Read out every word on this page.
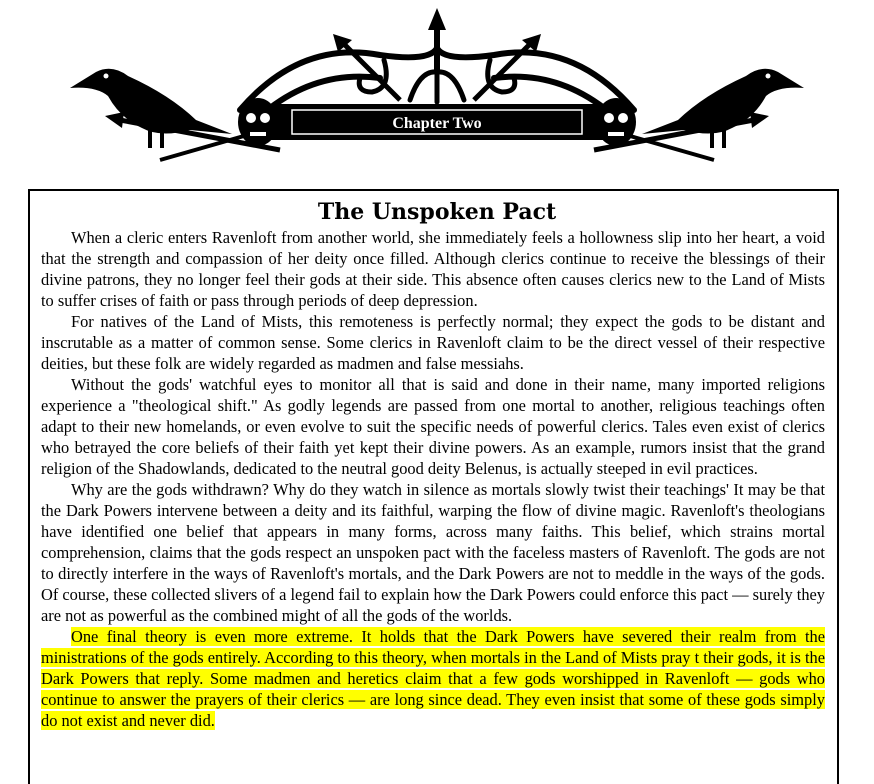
Chapter Two
The Unspoken Pact

When a cleric enters Ravenloft from another world, she immediately feels a hollowness slip into her heart, a void that the strength and compassion of her deity once filled. Although clerics continue to receive the blessings of their divine patrons, they no longer feel their gods at their side. This absence often causes clerics new to the Land of Mists to suffer crises of faith or pass through periods of deep depression.

For natives of the Land of Mists, this remoteness is perfectly normal; they expect the gods to be distant and inscrutable as a matter of common sense. Some clerics in Ravenloft claim to be the direct vessel of their respective deities, but these folk are widely regarded as madmen and false messiahs.

Without the gods' watchful eyes to monitor all that is said and done in their name, many imported religions experience a "theological shift." As godly legends are passed from one mortal to another, religious teachings often adapt to their new homelands, or even evolve to suit the specific needs of powerful clerics. Tales even exist of clerics who betrayed the core beliefs of their faith yet kept their divine powers. As an example, rumors insist that the grand religion of the Shadowlands, dedicated to the neutral good deity Belenus, is actually steeped in evil practices.

Why are the gods withdrawn? Why do they watch in silence as mortals slowly twist their teachings' It may be that the Dark Powers intervene between a deity and its faithful, warping the flow of divine magic. Ravenloft's theologians have identified one belief that appears in many forms, across many faiths. This belief, which strains mortal comprehension, claims that the gods respect an unspoken pact with the faceless masters of Ravenloft. The gods are not to directly interfere in the ways of Ravenloft's mortals, and the Dark Powers are not to meddle in the ways of the gods. Of course, these collected slivers of a legend fail to explain how the Dark Powers could enforce this pact — surely they are not as powerful as the combined might of all the gods of the worlds.

One final theory is even more extreme. It holds that the Dark Powers have severed their realm from the ministrations of the gods entirely. According to this theory, when mortals in the Land of Mists pray t their gods, it is the Dark Powers that reply. Some madmen and heretics claim that a few gods worshipped in Ravenloft — gods who continue to answer the prayers of their clerics — are long since dead. They even insist that some of these gods simply do not exist and never did.
